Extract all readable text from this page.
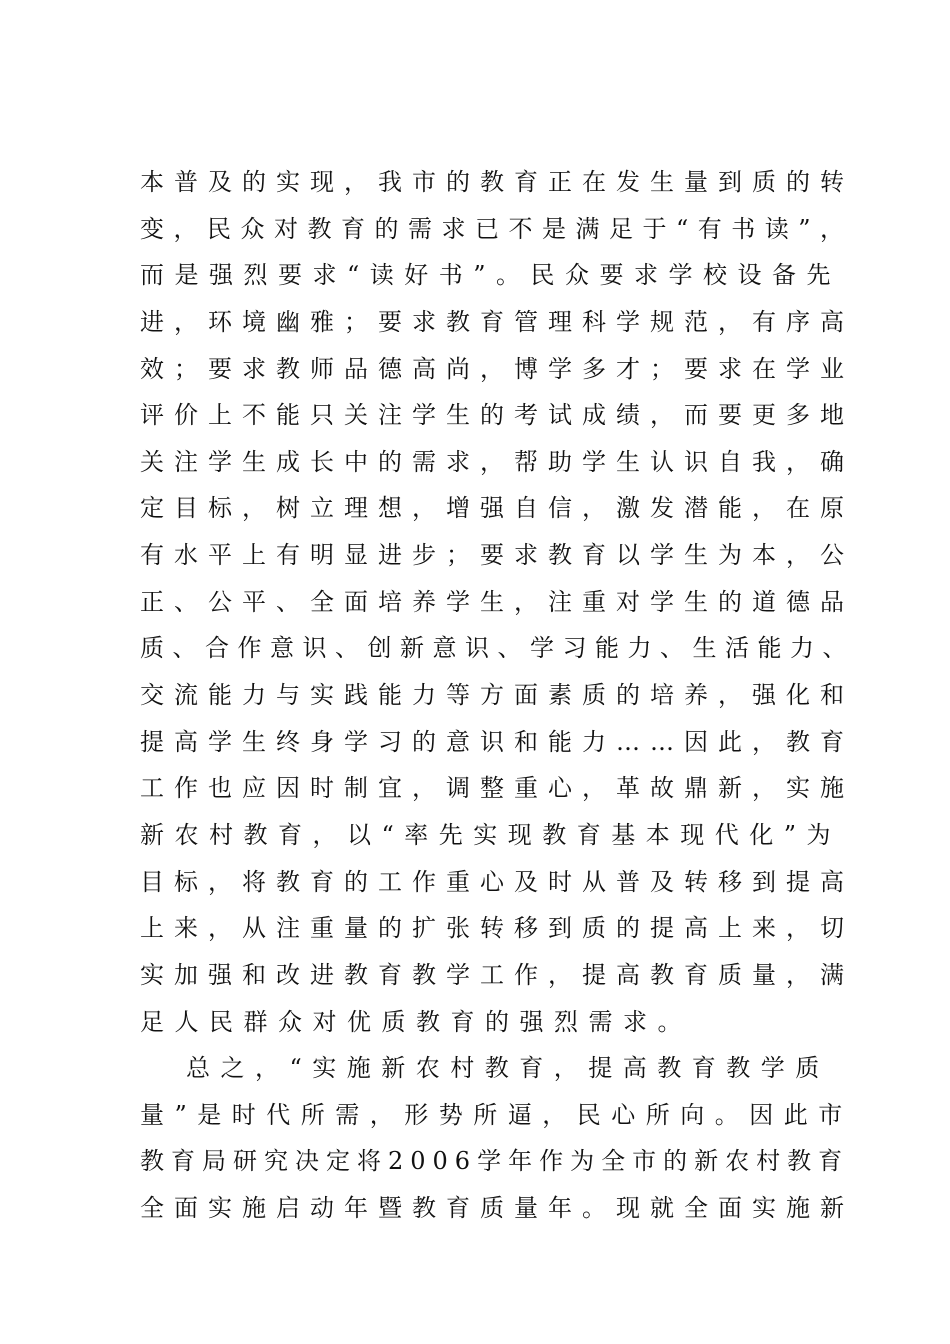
本普及的实现，我市的教育正在发生量到质的转
变，民众对教育的需求已不是满足于“有书读”，
而是强烈要求“读好书”。民众要求学校设备先
进，环境幽雅；要求教育管理科学规范，有序高
效；要求教师品德高尚，博学多才；要求在学业
评价上不能只关注学生的考试成绩，而要更多地
关注学生成长中的需求，帮助学生认识自我，确
定目标，树立理想，增强自信，激发潜能，在原
有水平上有明显进步；要求教育以学生为本，公
正、公平、全面培养学生，注重对学生的道德品
质、合作意识、创新意识、学习能力、生活能力、
交流能力与实践能力等方面素质的培养，强化和
提高学生终身学习的意识和能力……因此，教育
工作也应因时制宜，调整重心，革故鼎新，实施
新农村教育，以“率先实现教育基本现代化”为
目标，将教育的工作重心及时从普及转移到提高
上来，从注重量的扩张转移到质的提高上来，切
实加强和改进教育教学工作，提高教育质量，满
足人民群众对优质教育的强烈需求。
总之，“实施新农村教育，提高教育教学质
量”是时代所需，形势所逼，民心所向。因此市
教育局研究决定将2006学年作为全市的新农村教育
全面实施启动年暨教育质量年。现就全面实施新
